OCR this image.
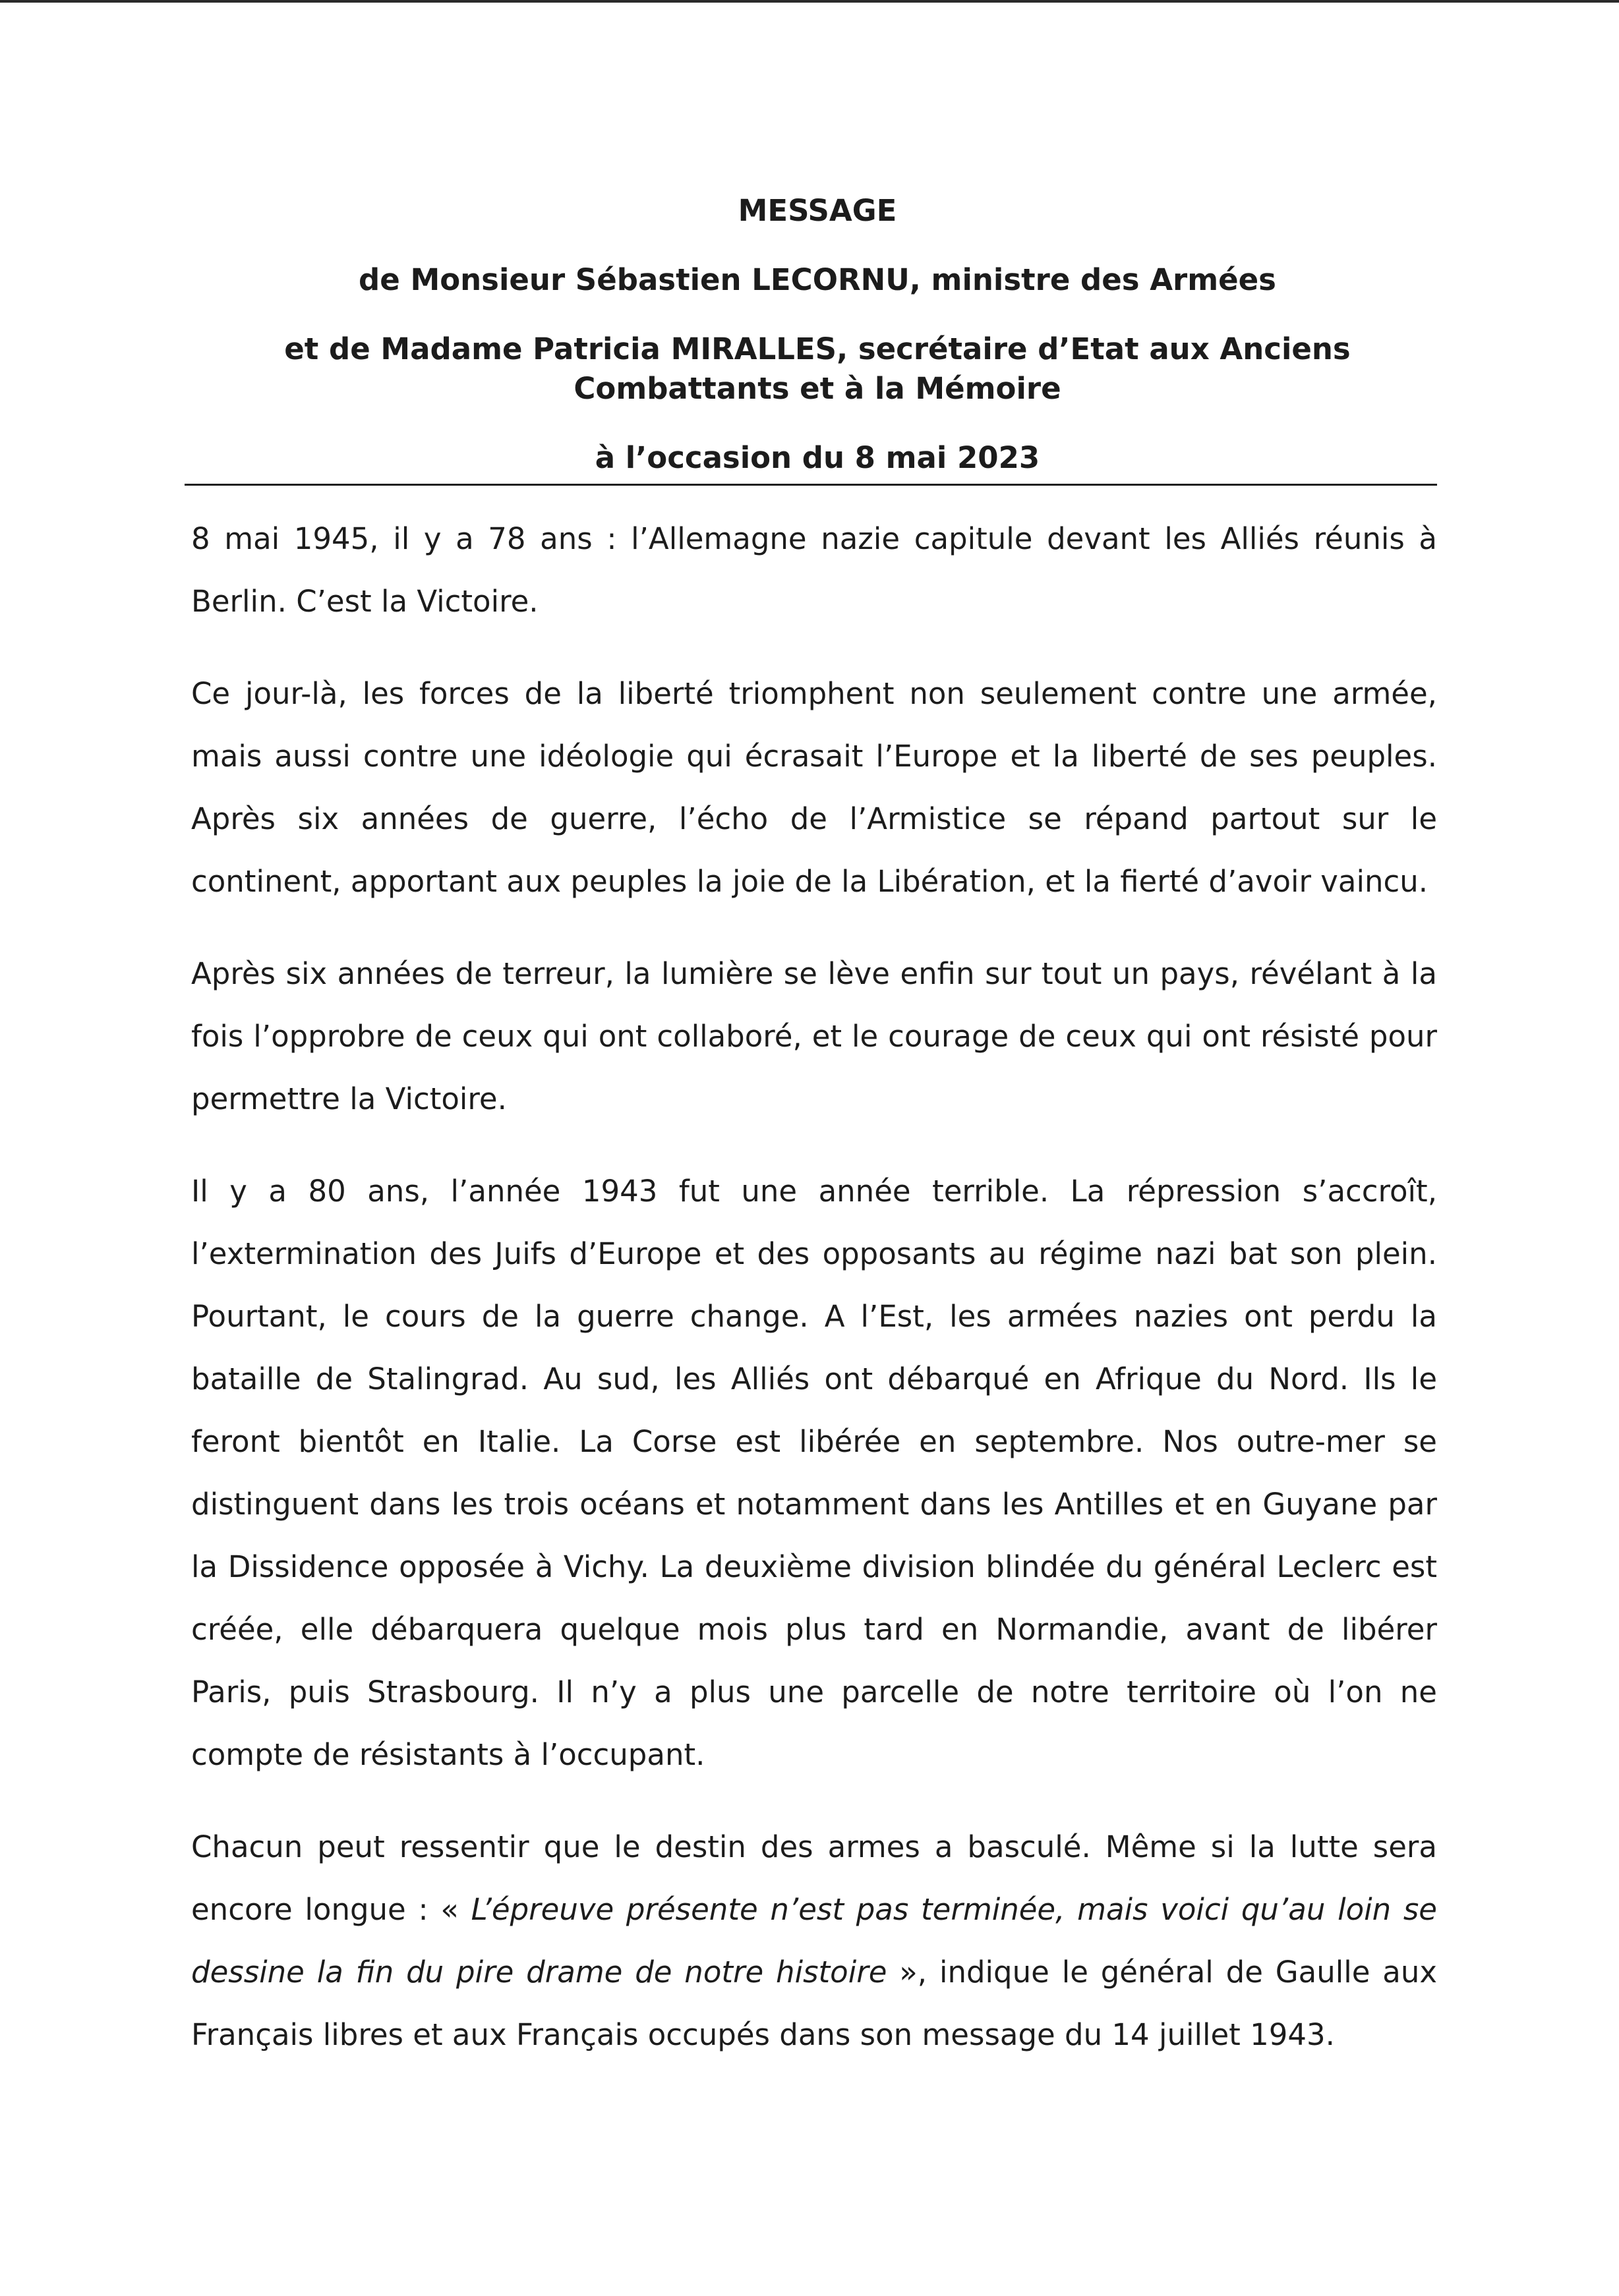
MESSAGE
de Monsieur Sébastien LECORNU, ministre des Armées
et de Madame Patricia MIRALLES, secrétaire d’Etat aux Anciens Combattants et à la Mémoire
à l’occasion du 8 mai 2023

8 mai 1945, il y a 78 ans : l’Allemagne nazie capitule devant les Alliés réunis à Berlin. C’est la Victoire.

Ce jour-là, les forces de la liberté triomphent non seulement contre une armée, mais aussi contre une idéologie qui écrasait l’Europe et la liberté de ses peuples. Après six années de guerre, l’écho de l’Armistice se répand partout sur le continent, apportant aux peuples la joie de la Libération, et la fierté d’avoir vaincu.

Après six années de terreur, la lumière se lève enfin sur tout un pays, révélant à la fois l’opprobre de ceux qui ont collaboré, et le courage de ceux qui ont résisté pour permettre la Victoire.

Il y a 80 ans, l’année 1943 fut une année terrible. La répression s’accroît, l’extermination des Juifs d’Europe et des opposants au régime nazi bat son plein. Pourtant, le cours de la guerre change. A l’Est, les armées nazies ont perdu la bataille de Stalingrad. Au sud, les Alliés ont débarqué en Afrique du Nord. Ils le feront bientôt en Italie. La Corse est libérée en septembre. Nos outre-mer se distinguent dans les trois océans et notamment dans les Antilles et en Guyane par la Dissidence opposée à Vichy. La deuxième division blindée du général Leclerc est créée, elle débarquera quelque mois plus tard en Normandie, avant de libérer Paris, puis Strasbourg. Il n’y a plus une parcelle de notre territoire où l’on ne compte de résistants à l’occupant.

Chacun peut ressentir que le destin des armes a basculé. Même si la lutte sera encore longue : « L’épreuve présente n’est pas terminée, mais voici qu’au loin se dessine la fin du pire drame de notre histoire », indique le général de Gaulle aux Français libres et aux Français occupés dans son message du 14 juillet 1943.
